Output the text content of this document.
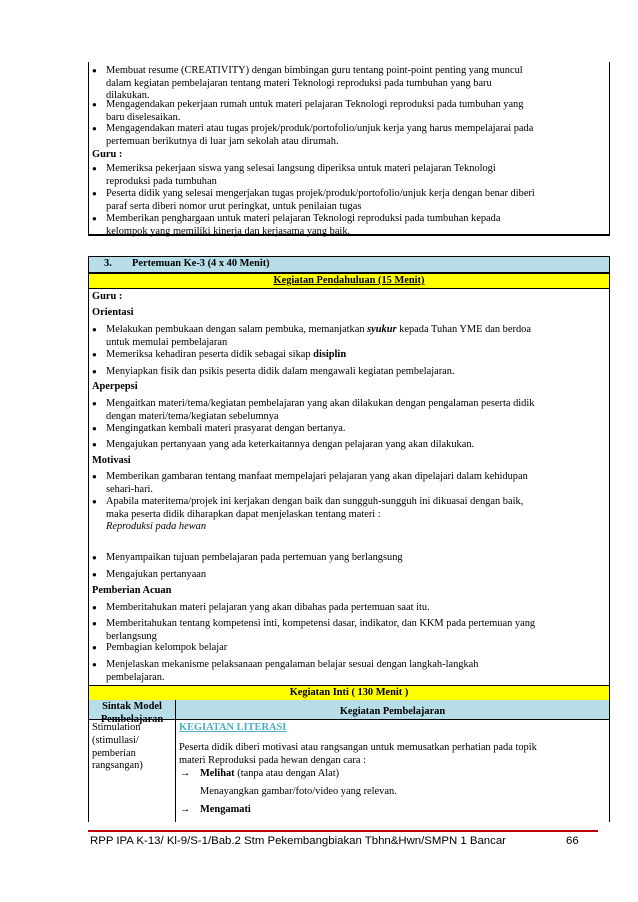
● Membuat resume (CREATIVITY) dengan bimbingan guru tentang point-point penting yang muncul
dalam kegiatan pembelajaran tentang materi Teknologi reproduksi pada tumbuhan yang baru
dilakukan.
● Mengagendakan pekerjaan rumah untuk materi pelajaran Teknologi reproduksi pada tumbuhan yang
baru diselesaikan.
● Mengagendakan materi atau tugas projek/produk/portofolio/unjuk kerja yang harus mempelajarai pada
pertemuan berikutnya di luar jam sekolah atau dirumah.
Guru :
● Memeriksa pekerjaan siswa yang selesai langsung diperiksa untuk materi pelajaran Teknologi
reproduksi pada tumbuhan
● Peserta didik yang selesai mengerjakan tugas projek/produk/portofolio/unjuk kerja dengan benar diberi
paraf serta diberi nomor urut peringkat, untuk penilaian tugas
● Memberikan penghargaan untuk materi pelajaran Teknologi reproduksi pada tumbuhan kepada
kelompok yang memiliki kinerja dan kerjasama yang baik.
3. Pertemuan Ke-3 (4 x 40 Menit)
Kegiatan Pendahuluan (15 Menit)
Guru :
Orientasi
● Melakukan pembukaan dengan salam pembuka, memanjatkan syukur kepada Tuhan YME dan berdoa
untuk memulai pembelajaran
● Memeriksa kehadiran peserta didik sebagai sikap disiplin
● Menyiapkan fisik dan psikis peserta didik dalam mengawali kegiatan pembelajaran.
Aperpepsi
● Mengaitkan materi/tema/kegiatan pembelajaran yang akan dilakukan dengan pengalaman peserta didik
dengan materi/tema/kegiatan sebelumnya
● Mengingatkan kembali materi prasyarat dengan bertanya.
● Mengajukan pertanyaan yang ada keterkaitannya dengan pelajaran yang akan dilakukan.
Motivasi
● Memberikan gambaran tentang manfaat mempelajari pelajaran yang akan dipelajari dalam kehidupan
sehari-hari.
● Apabila materitema/projek ini kerjakan dengan baik dan sungguh-sungguh ini dikuasai dengan baik,
maka peserta didik diharapkan dapat menjelaskan tentang materi :
Reproduksi pada hewan
● Menyampaikan tujuan pembelajaran pada pertemuan yang berlangsung
● Mengajukan pertanyaan
Pemberian Acuan
● Memberitahukan materi pelajaran yang akan dibahas pada pertemuan saat itu.
● Memberitahukan tentang kompetensi inti, kompetensi dasar, indikator, dan KKM pada pertemuan yang
berlangsung
● Pembagian kelompok belajar
● Menjelaskan mekanisme pelaksanaan pengalaman belajar sesuai dengan langkah-langkah
pembelajaran.
Kegiatan Inti ( 130 Menit )
Sintak Model
Pembelajaran
Kegiatan Pembelajaran
Stimulation
(stimullasi/
pemberian
rangsangan)
KEGIATAN LITERASI
Peserta didik diberi motivasi atau rangsangan untuk memusatkan perhatian pada topik
materi Reproduksi pada hewan dengan cara :
→ Melihat (tanpa atau dengan Alat)
Menayangkan gambar/foto/video yang relevan.
→ Mengamati
RPP IPA K-13/ Kl-9/S-1/Bab.2 Stm Pekembangbiakan Tbhn&Hwn/SMPN 1 Bancar	66
